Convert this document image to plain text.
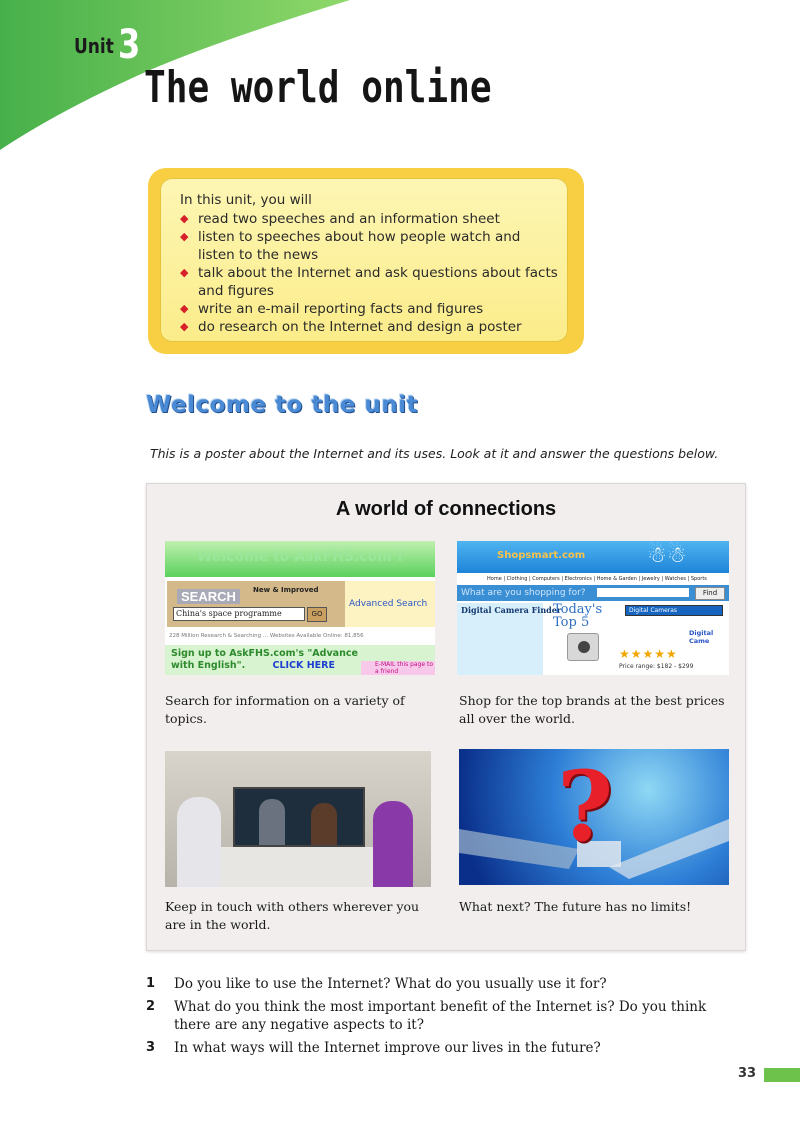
Unit 3
The world online
In this unit, you will
◆ read two speeches and an information sheet
◆ listen to speeches about how people watch and listen to the news
◆ talk about the Internet and ask questions about facts and figures
◆ write an e-mail reporting facts and figures
◆ do research on the Internet and design a poster
Welcome to the unit
This is a poster about the Internet and its uses. Look at it and answer the questions below.
A world of connections
Welcome to AskFHS.com !
SEARCH	New & Improved
China's space programme	GO
Advanced Search
228 Million Research & Searching ... Websites Available Online: 81,856
Sign up to AskFHS.com's "Advance with English".	CLICK HERE	E-MAIL this page to a friend
Search for information on a variety of topics.
Shopsmart.com	☃☃
Home | Clothing | Computers | Electronics | Home & Garden | Jewelry | Watches | Sports
What are you shopping for?	Find
Digital Camera Finder
Today's Top 5
Digital Cameras
★★★★★
Digital Came
Price range: $182 - $299
Shop for the top brands at the best prices all over the world.
Keep in touch with others wherever you are in the world.
?
What next? The future has no limits!
1 Do you like to use the Internet? What do you usually use it for?
2 What do you think the most important benefit of the Internet is? Do you think there are any negative aspects to it?
3 In what ways will the Internet improve our lives in the future?
33
